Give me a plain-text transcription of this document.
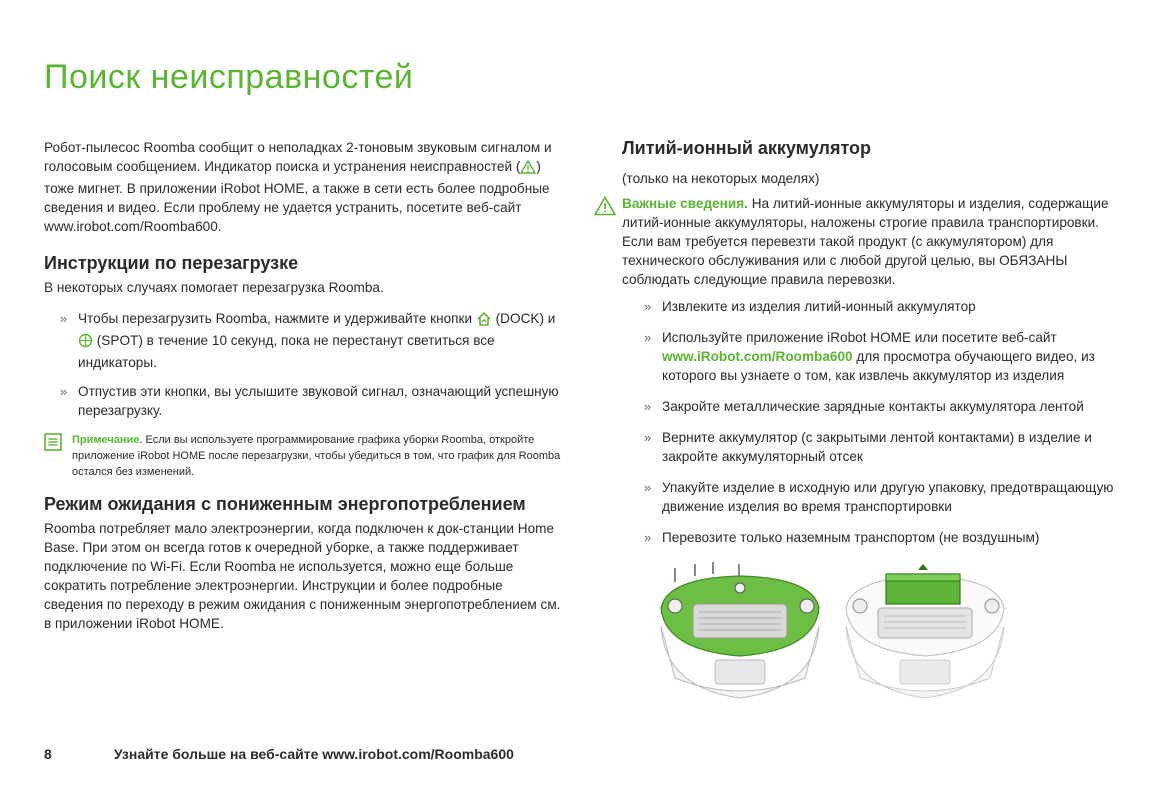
Поиск неисправностей

Робот-пылесос Roomba сообщит о неполадках 2-тоновым звуковым сигналом и голосовым сообщением. Индикатор поиска и устранения неисправностей ( ) тоже мигнет. В приложении iRobot HOME, а также в сети есть более подробные сведения и видео. Если проблему не удается устранить, посетите веб-сайт www.irobot.com/Roomba600.

Инструкции по перезагрузке

В некоторых случаях помогает перезагрузка Roomba.

» Чтобы перезагрузить Roomba, нажмите и удерживайте кнопки (DOCK) и  (SPOT) в течение 10 секунд, пока не перестанут светиться все индикаторы.
» Отпустив эти кнопки, вы услышите звуковой сигнал, означающий успешную перезагрузку.

Примечание. Если вы используете программирование графика уборки Roomba, откройте приложение iRobot HOME после перезагрузки, чтобы убедиться в том, что график для Roomba остался без изменений.

Режим ожидания с пониженным энергопотреблением

Roomba потребляет мало электроэнергии, когда подключен к док-станции Home Base. При этом он всегда готов к очередной уборке, а также поддерживает подключение по Wi-Fi. Если Roomba не используется, можно еще больше сократить потребление электроэнергии. Инструкции и более подробные сведения по переходу в режим ожидания с пониженным энергопотреблением см. в приложении iRobot HOME.

Литий-ионный аккумулятор

(только на некоторых моделях)

Важные сведения. На литий-ионные аккумуляторы и изделия, содержащие литий-ионные аккумуляторы, наложены строгие правила транспортировки. Если вам требуется перевезти такой продукт (с аккумулятором) для технического обслуживания или с любой другой целью, вы ОБЯЗАНЫ соблюдать следующие правила перевозки.

» Извлеките из изделия литий-ионный аккумулятор
» Используйте приложение iRobot HOME или посетите веб-сайт www.iRobot.com/Roomba600 для просмотра обучающего видео, из которого вы узнаете о том, как извлечь аккумулятор из изделия
» Закройте металлические зарядные контакты аккумулятора лентой
» Верните аккумулятор (с закрытыми лентой контактами) в изделие и закройте аккумуляторный отсек
» Упакуйте изделие в исходную или другую упаковку, предотвращающую движение изделия во время транспортировки
» Перевозите только наземным транспортом (не воздушным)
8	Узнайте больше на веб-сайте www.irobot.com/Roomba600
